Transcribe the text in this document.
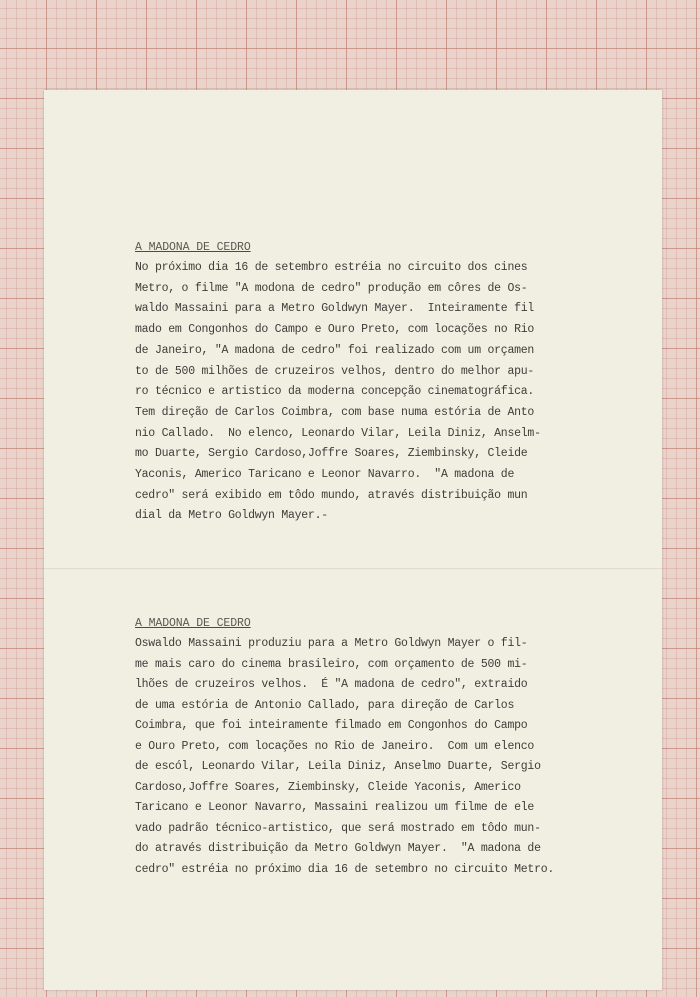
A MADONA DE CEDRO
No próximo dia 16 de setembro estréia no circuito dos cines
Metro, o filme "A modona de cedro" produção em côres de Os-
waldo Massaini para a Metro Goldwyn Mayer.  Inteiramente fil
mado em Congonhos do Campo e Ouro Preto, com locações no Rio
de Janeiro, "A madona de cedro" foi realizado com um orçamen
to de 500 milhões de cruzeiros velhos, dentro do melhor apu-
ro técnico e artistico da moderna concepção cinematográfica.
Tem direção de Carlos Coimbra, com base numa estória de Anto
nio Callado.  No elenco, Leonardo Vilar, Leila Diniz, Anselm-
mo Duarte, Sergio Cardoso,Joffre Soares, Ziembinsky, Cleide
Yaconis, Americo Taricano e Leonor Navarro.  "A madona de
cedro" será exibido em tôdo mundo, através distribuição mun
dial da Metro Goldwyn Mayer.-
A MADONA DE CEDRO
Oswaldo Massaini produziu para a Metro Goldwyn Mayer o fil-
me mais caro do cinema brasileiro, com orçamento de 500 mi-
lhões de cruzeiros velhos.  É "A madona de cedro", extraido
de uma estória de Antonio Callado, para direção de Carlos
Coimbra, que foi inteiramente filmado em Congonhos do Campo
e Ouro Preto, com locações no Rio de Janeiro.  Com um elenco
de escól, Leonardo Vilar, Leila Diniz, Anselmo Duarte, Sergio
Cardoso,Joffre Soares, Ziembinsky, Cleide Yaconis, Americo
Taricano e Leonor Navarro, Massaini realizou um filme de ele
vado padrão técnico-artistico, que será mostrado em tôdo mun-
do através distribuição da Metro Goldwyn Mayer.  "A madona de
cedro" estréia no próximo dia 16 de setembro no circuito Metro.
